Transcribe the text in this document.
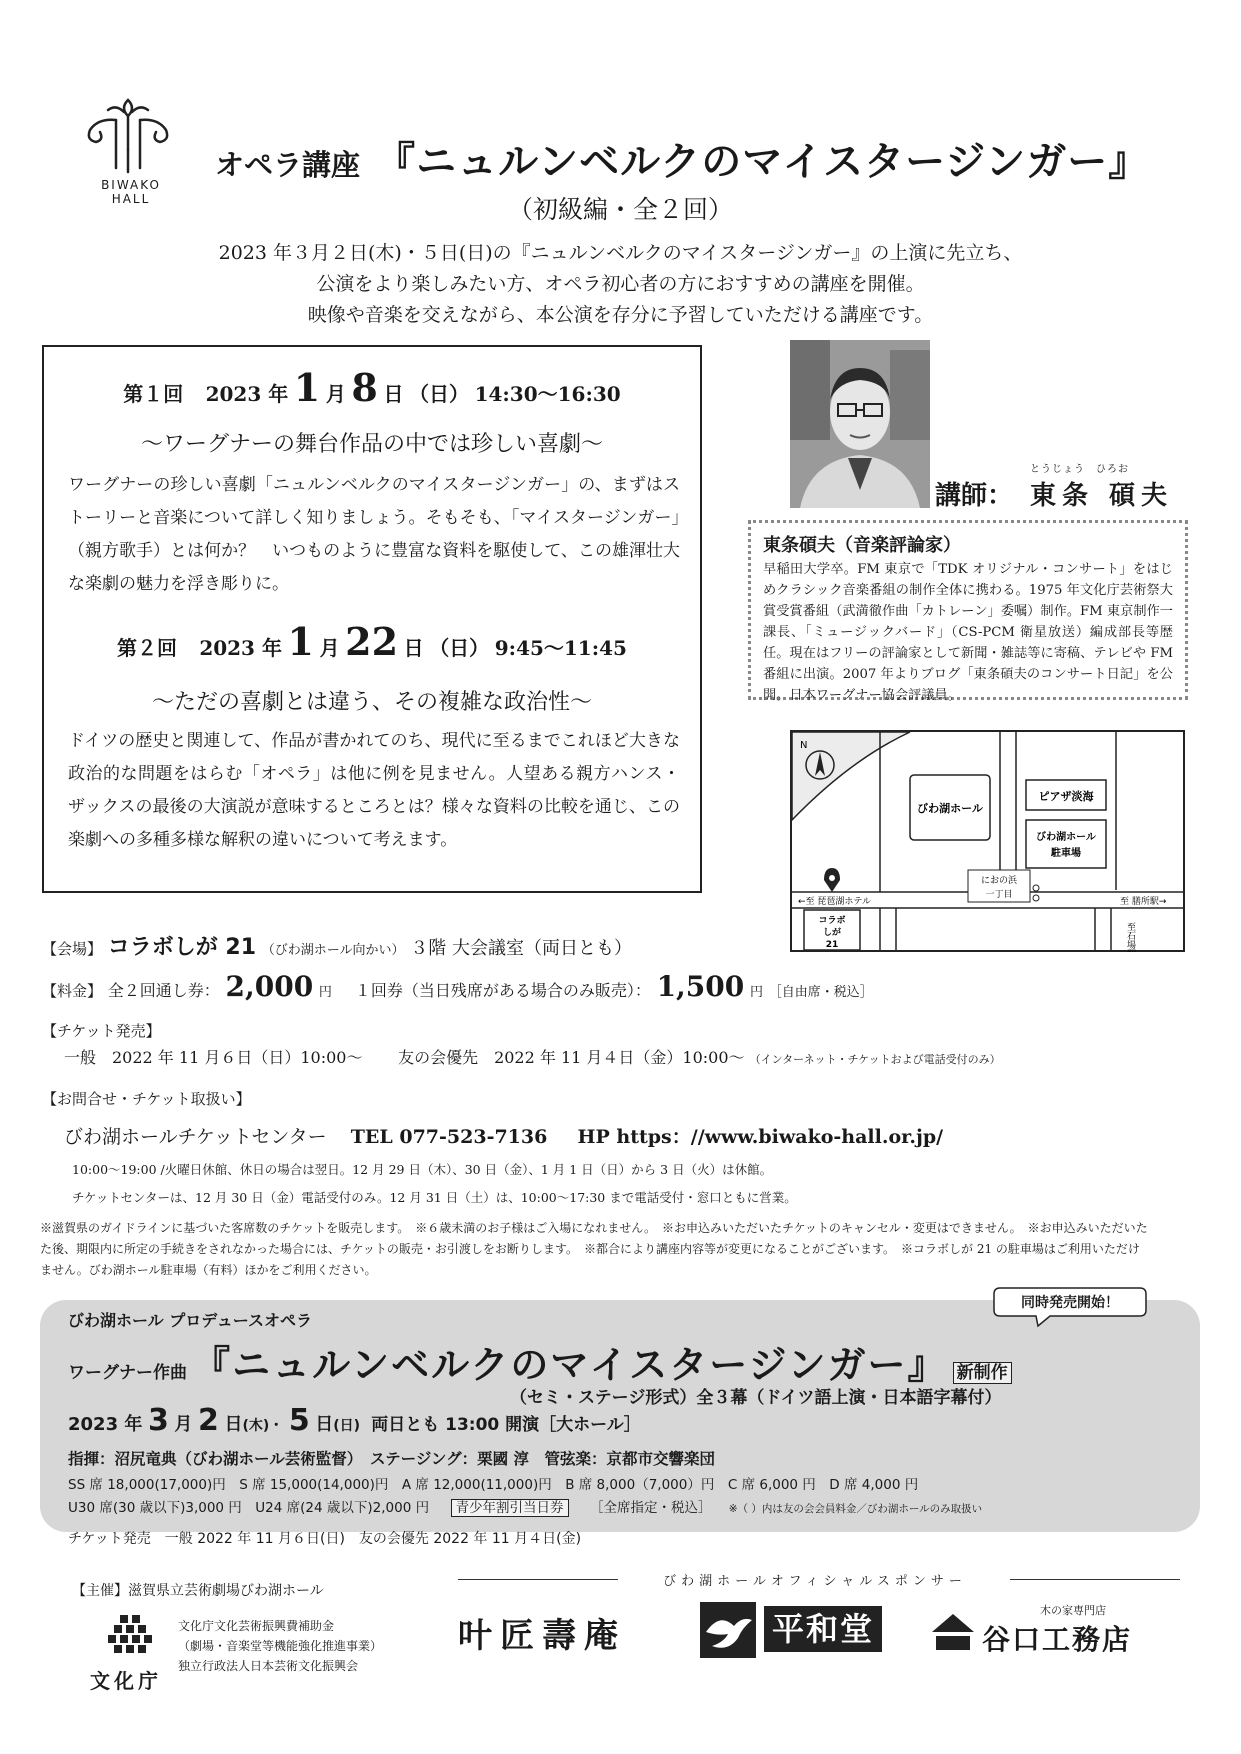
BIWAKO
HALL
オペラ講座 『ニュルンベルクのマイスタージンガー』
（初級編・全２回）
2023 年３月２日(木)・５日(日)の『ニュルンベルクのマイスタージンガー』の上演に先立ち、
公演をより楽しみたい方、オペラ初心者の方におすすめの講座を開催。
映像や音楽を交えながら、本公演を存分に予習していただける講座です。
第１回 2023 年 1 月 8 日 （日） 14:30〜16:30
〜ワーグナーの舞台作品の中では珍しい喜劇〜
ワーグナーの珍しい喜劇「ニュルンベルクのマイスタージンガー」の、まずはストーリーと音楽について詳しく知りましょう。そもそも、「マイスタージンガー」（親方歌手）とは何か？　いつものように豊富な資料を駆使して、この雄渾壮大な楽劇の魅力を浮き彫りに。
第２回 2023 年 1 月 22 日 （日） 9:45〜11:45
〜ただの喜劇とは違う、その複雑な政治性〜
ドイツの歴史と関連して、作品が書かれてのち、現代に至るまでこれほど大きな政治的な問題をはらむ「オペラ」は他に例を見ません。人望ある親方ハンス・ザックスの最後の大演説が意味するところとは？様々な資料の比較を通じ、この楽劇への多種多様な解釈の違いについて考えます。
講師：
とうじょう　ひろお
東条 碩夫
東条碩夫（音楽評論家）
早稲田大学卒。FM 東京で「TDK オリジナル・コンサート」をはじめクラシック音楽番組の制作全体に携わる。1975 年文化庁芸術祭大賞受賞番組（武満徹作曲「カトレーン」委嘱）制作。FM 東京制作一課長、「ミュージックバード」（CS-PCM 衛星放送）編成部長等歴任。現在はフリーの評論家として新聞・雑誌等に寄稿、テレビや FM 番組に出演。2007 年よりブログ「東条碩夫のコンサート日記」を公開。日本ワーグナー協会評議員。
N
びわ湖ホール
ピアザ淡海
びわ湖ホール
駐車場
におの浜
一丁目
←至 琵琶湖ホテル	至 膳所駅→
至石場駅↓
コラボ
しが
21
【会場】 コラボしが 21 （びわ湖ホール向かい） ３階 大会議室（両日とも）
【料金】 全２回通し券： 2,000 円 １回券（当日残席がある場合のみ販売）： 1,500 円 ［自由席・税込］
【チケット発売】
一般　2022 年 11 月６日（日）10:00〜 友の会優先　2022 年 11 月４日（金）10:00〜 （インターネット・チケットおよび電話受付のみ）
【お問合せ・チケット取扱い】
びわ湖ホールチケットセンター TEL 077-523-7136 HP https：//www.biwako-hall.or.jp/
10:00〜19:00 /火曜日休館、休日の場合は翌日。12 月 29 日（木）、30 日（金）、1 月 1 日（日）から 3 日（火）は休館。
チケットセンターは、12 月 30 日（金）電話受付のみ。12 月 31 日（土）は、10:00〜17:30 まで電話受付・窓口ともに営業。
※滋賀県のガイドラインに基づいた客席数のチケットを販売します。　※６歳未満のお子様はご入場になれません。　※お申込みいただいたチケットのキャンセル・変更はできません。　※お申込みいただいた
た後、期限内に所定の手続きをされなかった場合には、チケットの販売・お引渡しをお断りします。　※都合により講座内容等が変更になることがございます。　※コラボしが 21 の駐車場はご利用いただけ
ません。びわ湖ホール駐車場（有料）ほかをご利用ください。
同時発売開始！
びわ湖ホール プロデュースオペラ
ワーグナー作曲 『ニュルンベルクのマイスタージンガー』 新制作
（セミ・ステージ形式）全３幕（ドイツ語上演・日本語字幕付）
2023 年 3 月 2 日(木)・ 5 日(日) 両日とも 13:00 開演［大ホール］
指揮：沼尻竜典（びわ湖ホール芸術監督）　ステージング：栗國 淳　管弦楽：京都市交響楽団
SS 席 18,000(17,000)円　S 席 15,000(14,000)円　A 席 12,000(11,000)円　B 席 8,000（7,000）円　C 席 6,000 円　D 席 4,000 円
U30 席(30 歳以下)3,000 円　U24 席(24 歳以下)2,000 円 青少年割引当日券 ［全席指定・税込］ ※（ ）内は友の会会員料金／びわ湖ホールのみ取扱い
チケット発売　一般 2022 年 11 月６日(日)　友の会優先 2022 年 11 月４日(金)
【主催】滋賀県立芸術劇場びわ湖ホール
文化庁
文化庁文化芸術振興費補助金
（劇場・音楽堂等機能強化推進事業）
独立行政法人日本芸術文化振興会
びわ湖ホールオフィシャルスポンサー
叶匠壽庵	平和堂	木の家専門店
谷口工務店
